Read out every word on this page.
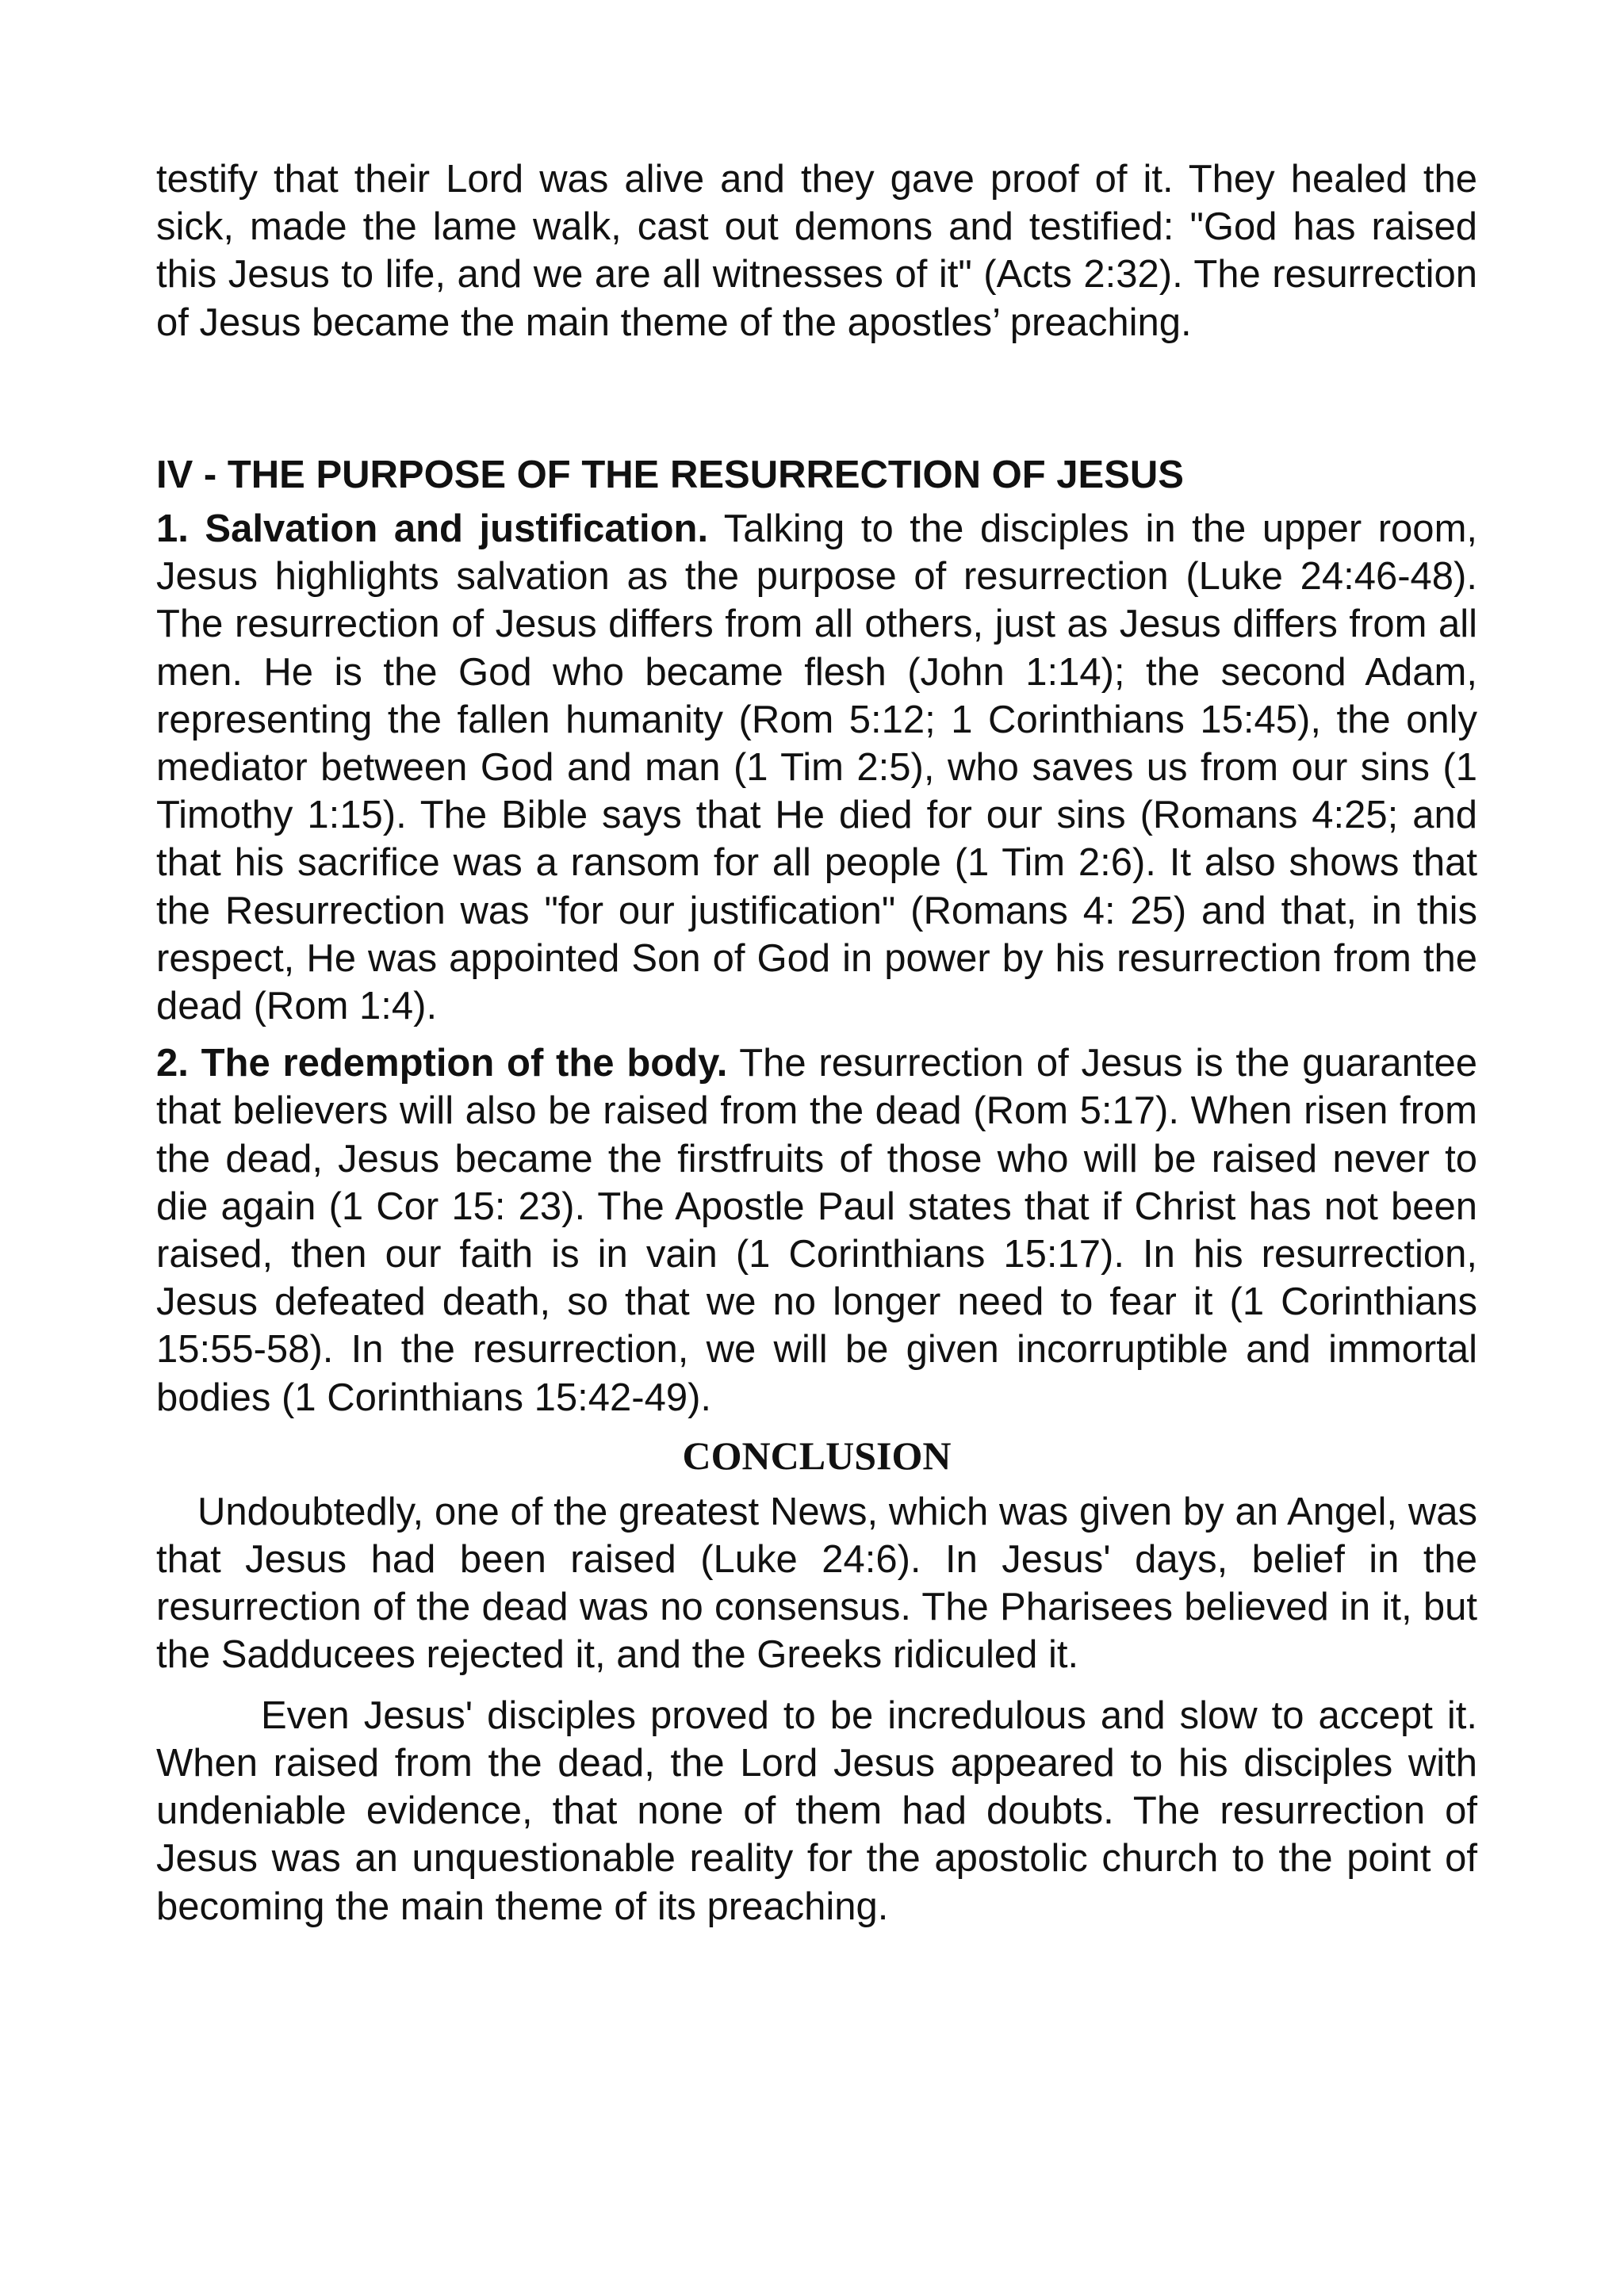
testify that their Lord was alive and they gave proof of it. They healed the sick, made the lame walk, cast out demons and testified: "God has raised this Jesus to life, and we are all witnesses of it" (Acts 2:32). The resurrection of Jesus became the main theme of the apostles’ preaching.

IV - THE PURPOSE OF THE RESURRECTION OF JESUS

1. Salvation and justification. Talking to the disciples in the upper room, Jesus highlights salvation as the purpose of resurrection (Luke 24:46-48). The resurrection of Jesus differs from all others, just as Jesus differs from all men. He is the God who became flesh (John 1:14); the second Adam, representing the fallen humanity (Rom 5:12; 1 Corinthians 15:45), the only mediator between God and man (1 Tim 2:5), who saves us from our sins (1 Timothy 1:15). The Bible says that He died for our sins (Romans 4:25; and that his sacrifice was a ransom for all people (1 Tim 2:6). It also shows that the Resurrection was "for our justification" (Romans 4: 25) and that, in this respect, He was appointed Son of God in power by his resurrection from the dead (Rom 1:4).

2. The redemption of the body. The resurrection of Jesus is the guarantee that believers will also be raised from the dead (Rom 5:17). When risen from the dead, Jesus became the firstfruits of those who will be raised never to die again (1 Cor 15: 23). The Apostle Paul states that if Christ has not been raised, then our faith is in vain (1 Corinthians 15:17). In his resurrection, Jesus defeated death, so that we no longer need to fear it (1 Corinthians 15:55-58). In the resurrection, we will be given incorruptible and immortal bodies (1 Corinthians 15:42-49).

CONCLUSION

Undoubtedly, one of the greatest News, which was given by an Angel, was that Jesus had been raised (Luke 24:6). In Jesus' days, belief in the resurrection of the dead was no consensus. The Pharisees believed in it, but the Sadducees rejected it, and the Greeks ridiculed it.

Even Jesus' disciples proved to be incredulous and slow to accept it. When raised from the dead, the Lord Jesus appeared to his disciples with undeniable evidence, that none of them had doubts. The resurrection of Jesus was an unquestionable reality for the apostolic church to the point of becoming the main theme of its preaching.
